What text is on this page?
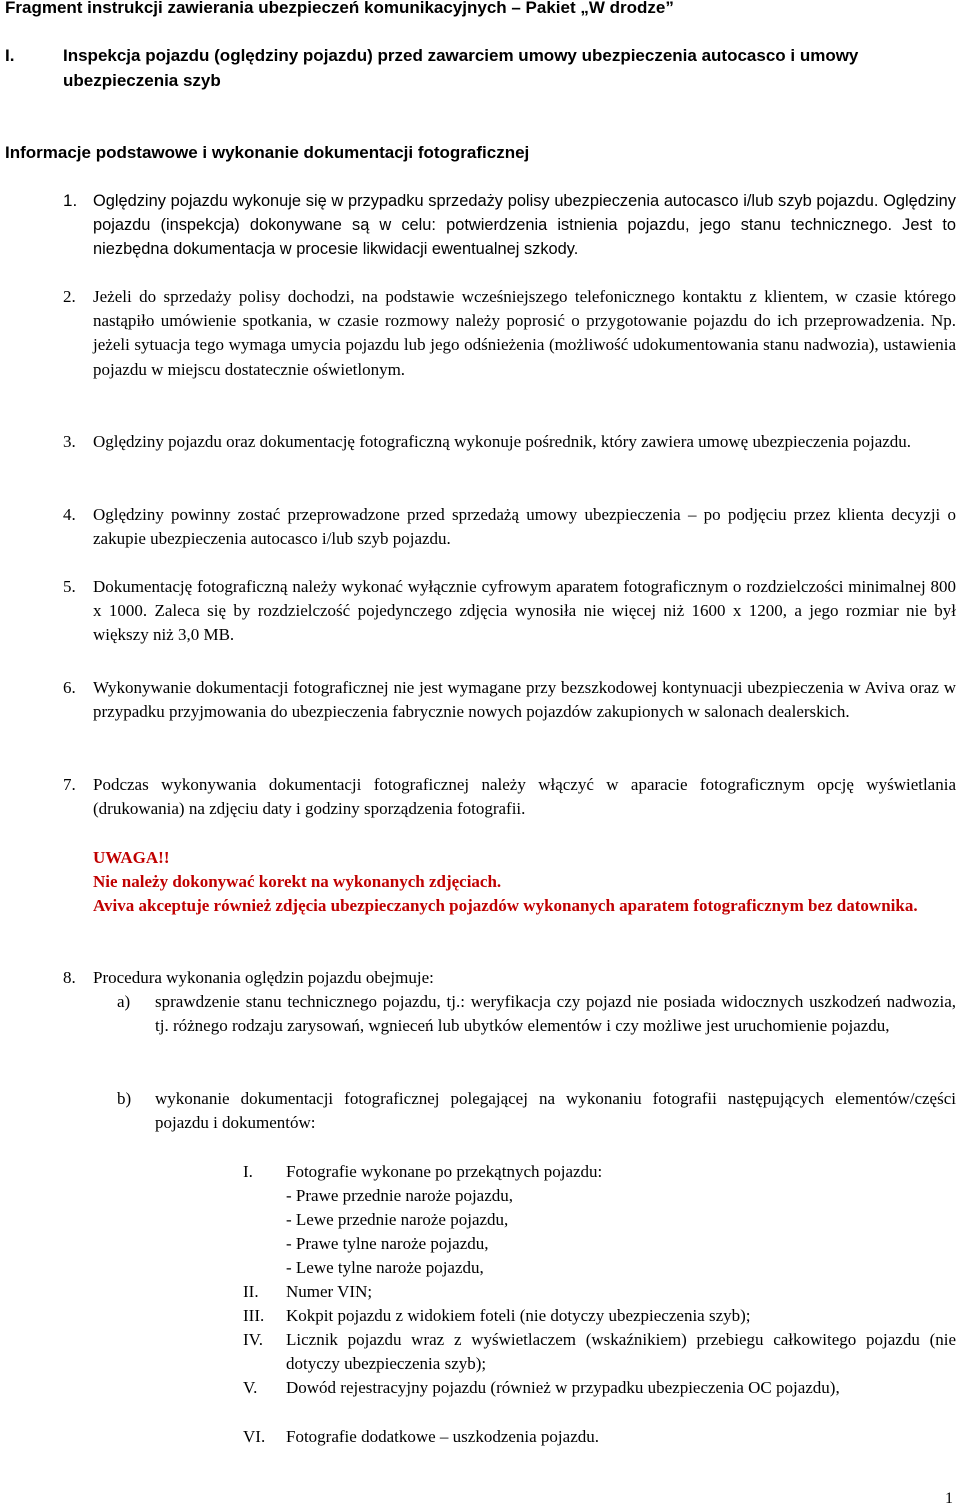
Fragment instrukcji zawierania ubezpieczeń komunikacyjnych – Pakiet „W drodze”
I.	Inspekcja pojazdu (oględziny pojazdu) przed zawarciem umowy ubezpieczenia autocasco i umowy ubezpieczenia szyb
Informacje podstawowe i wykonanie dokumentacji fotograficznej
1. Oględziny pojazdu wykonuje się w przypadku sprzedaży polisy ubezpieczenia autocasco i/lub szyb pojazdu. Oględziny pojazdu (inspekcja) dokonywane są w celu: potwierdzenia istnienia pojazdu, jego stanu technicznego. Jest to niezbędna dokumentacja w procesie likwidacji ewentualnej szkody.
2.	Jeżeli do sprzedaży polisy dochodzi, na podstawie wcześniejszego telefonicznego kontaktu z klientem, w czasie którego nastąpiło umówienie spotkania, w czasie rozmowy należy poprosić o przygotowanie pojazdu do ich przeprowadzenia. Np. jeżeli sytuacja tego wymaga umycia pojazdu lub jego odśnieżenia (możliwość udokumentowania stanu nadwozia), ustawienia pojazdu w miejscu dostatecznie oświetlonym.
3.	Oględziny pojazdu oraz dokumentację fotograficzną wykonuje pośrednik, który zawiera umowę ubezpieczenia pojazdu.
4.	Oględziny powinny zostać przeprowadzone przed sprzedażą umowy ubezpieczenia – po podjęciu przez klienta decyzji o zakupie ubezpieczenia autocasco i/lub szyb pojazdu.
5.	Dokumentację fotograficzną należy wykonać wyłącznie cyfrowym aparatem fotograficznym o rozdzielczości minimalnej 800 x 1000. Zaleca się by rozdzielczość pojedynczego zdjęcia wynosiła nie więcej niż 1600 x 1200, a jego rozmiar nie był większy niż 3,0 MB.
6.	Wykonywanie dokumentacji fotograficznej nie jest wymagane przy bezszkodowej kontynuacji ubezpieczenia w Aviva oraz w przypadku przyjmowania do ubezpieczenia fabrycznie nowych pojazdów zakupionych w salonach dealerskich.
7.	Podczas wykonywania dokumentacji fotograficznej należy włączyć w aparacie fotograficznym opcję wyświetlania (drukowania) na zdjęciu daty i godziny sporządzenia fotografii.
UWAGA!!
Nie należy dokonywać korekt na wykonanych zdjęciach.
Aviva akceptuje również zdjęcia ubezpieczanych pojazdów wykonanych aparatem fotograficznym bez datownika.
8.	Procedura wykonania oględzin pojazdu obejmuje:
a)	sprawdzenie stanu technicznego pojazdu, tj.: weryfikacja czy pojazd nie posiada widocznych uszkodzeń nadwozia, tj. różnego rodzaju zarysowań, wgnieceń lub ubytków elementów i czy możliwe jest uruchomienie pojazdu,
b)	wykonanie dokumentacji fotograficznej polegającej na wykonaniu fotografii następujących elementów/części pojazdu i dokumentów:
I.	Fotografie wykonane po przekątnych pojazdu:
- Prawe przednie naroże pojazdu,
- Lewe przednie naroże pojazdu,
- Prawe tylne naroże pojazdu,
- Lewe tylne naroże pojazdu,
II.	Numer VIN;
III.	Kokpit pojazdu z widokiem foteli (nie dotyczy ubezpieczenia szyb);
IV.	Licznik pojazdu wraz z wyświetlaczem (wskaźnikiem) przebiegu całkowitego pojazdu (nie dotyczy ubezpieczenia szyb);
V.	Dowód rejestracyjny pojazdu (również w przypadku ubezpieczenia OC pojazdu),
VI.	Fotografie dodatkowe – uszkodzenia pojazdu.
1
